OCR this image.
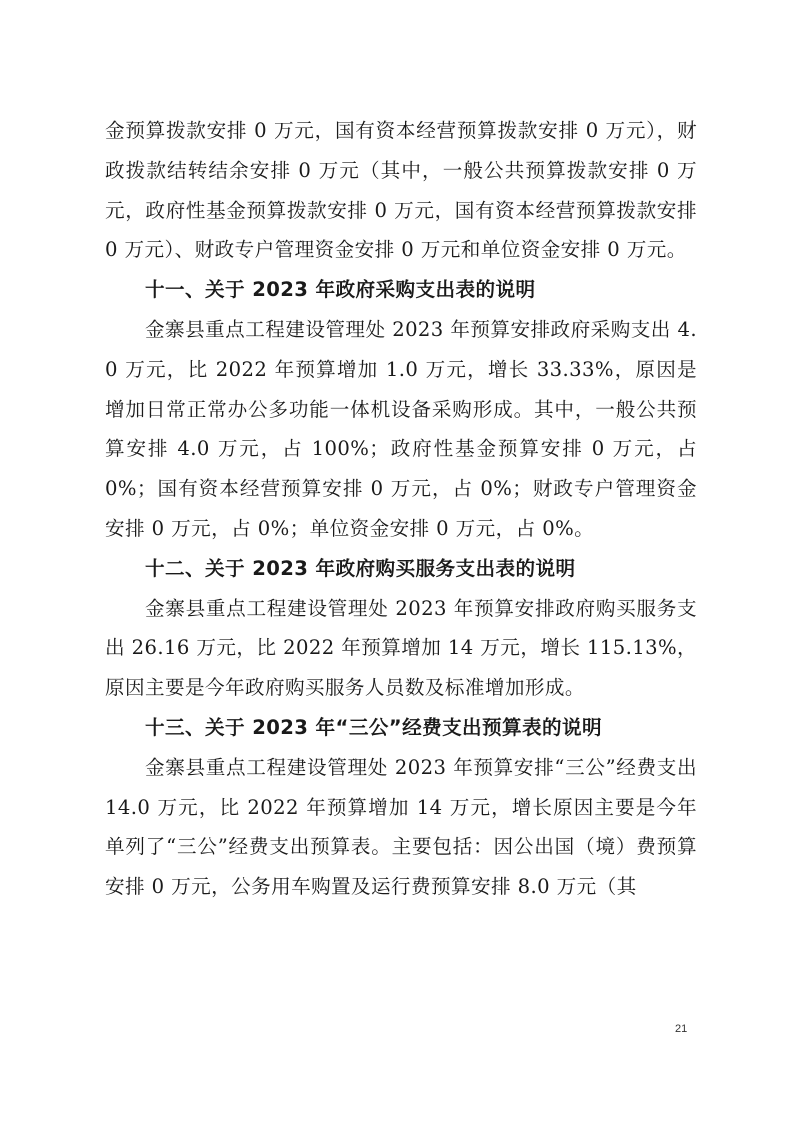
金预算拨款安排 0 万元，国有资本经营预算拨款安排 0 万元），财政拨款结转结余安排 0 万元（其中，一般公共预算拨款安排 0 万元，政府性基金预算拨款安排 0 万元，国有资本经营预算拨款安排 0 万元）、财政专户管理资金安排 0 万元和单位资金安排 0 万元。

十一、关于 2023 年政府采购支出表的说明

金寨县重点工程建设管理处 2023 年预算安排政府采购支出 4.0 万元，比 2022 年预算增加 1.0 万元，增长 33.33%，原因是增加日常正常办公多功能一体机设备采购形成。其中，一般公共预算安排 4.0 万元，占 100%；政府性基金预算安排 0 万元，占 0%；国有资本经营预算安排 0 万元，占 0%；财政专户管理资金安排 0 万元，占 0%；单位资金安排 0 万元，占 0%。

十二、关于 2023 年政府购买服务支出表的说明

金寨县重点工程建设管理处 2023 年预算安排政府购买服务支出 26.16 万元，比 2022 年预算增加 14 万元，增长 115.13%，原因主要是今年政府购买服务人员数及标准增加形成。

十三、关于 2023 年“三公”经费支出预算表的说明

金寨县重点工程建设管理处 2023 年预算安排“三公”经费支出 14.0 万元，比 2022 年预算增加 14 万元，增长原因主要是今年单列了“三公”经费支出预算表。主要包括：因公出国（境）费预算安排 0 万元，公务用车购置及运行费预算安排 8.0 万元（其

21
